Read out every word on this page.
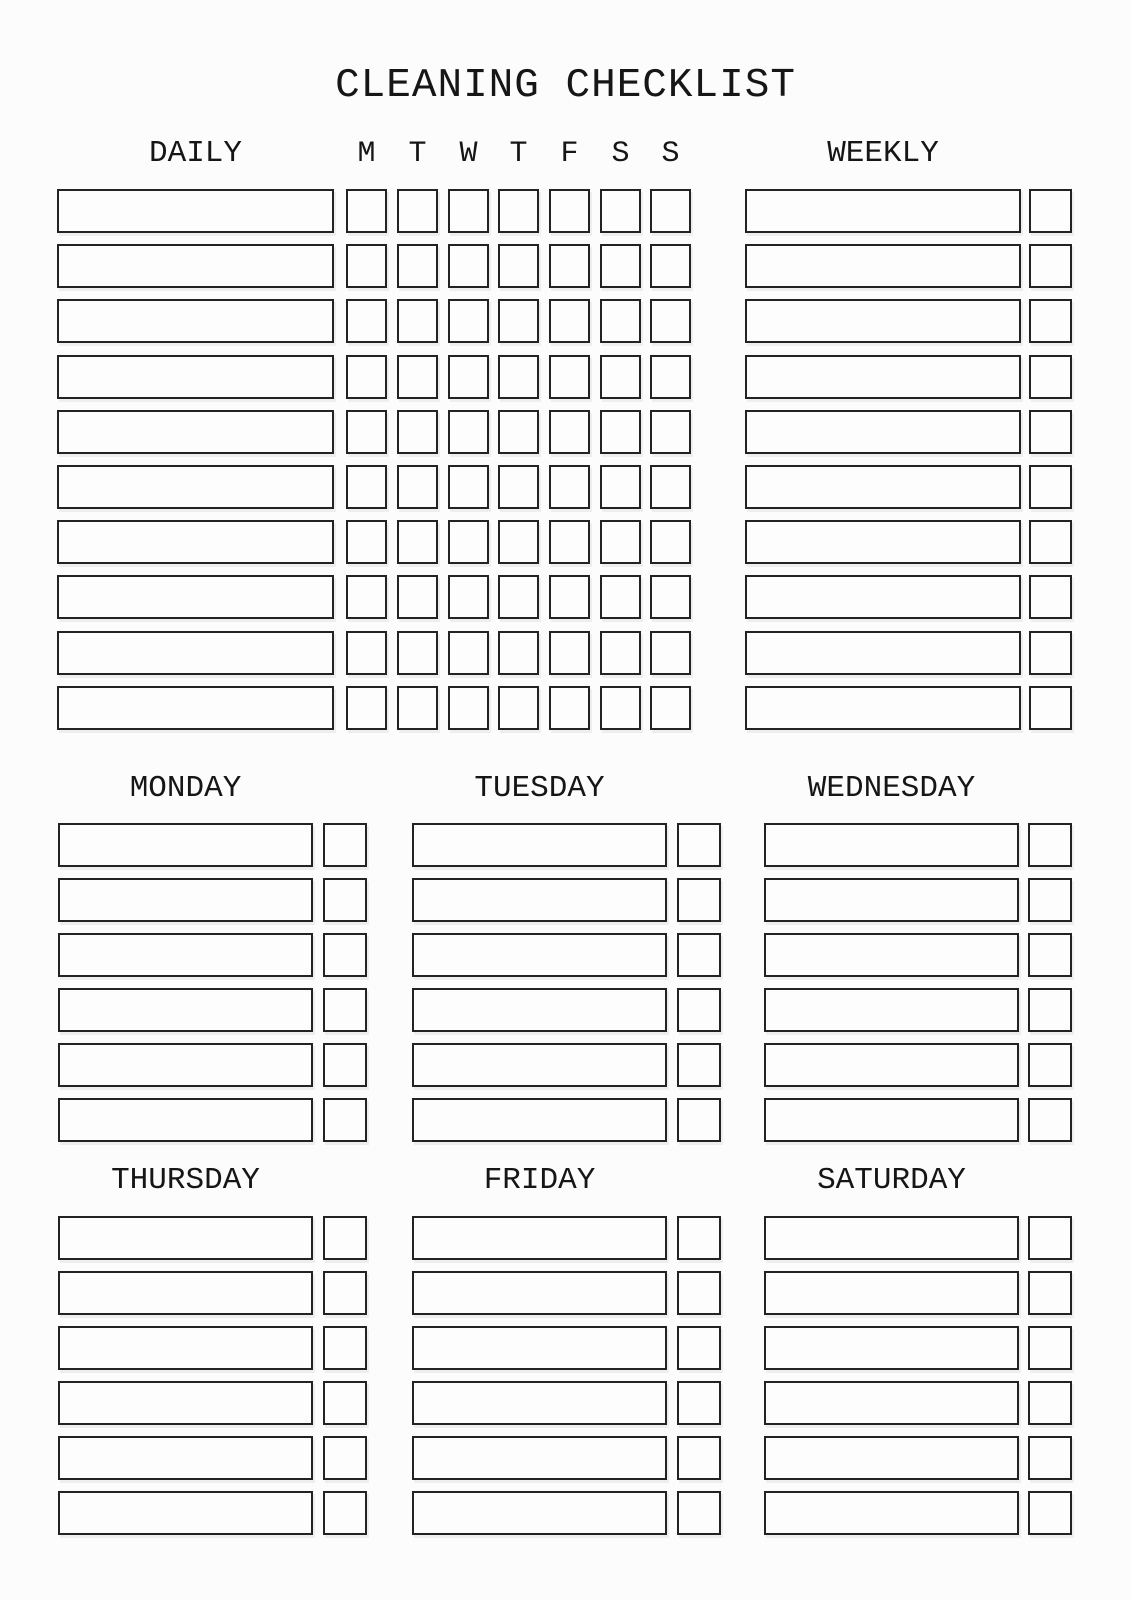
CLEANING CHECKLIST
DAILY	M	T	W	T	F	S	S	WEEKLY
MONDAY	TUESDAY	WEDNESDAY
THURSDAY	FRIDAY	SATURDAY
